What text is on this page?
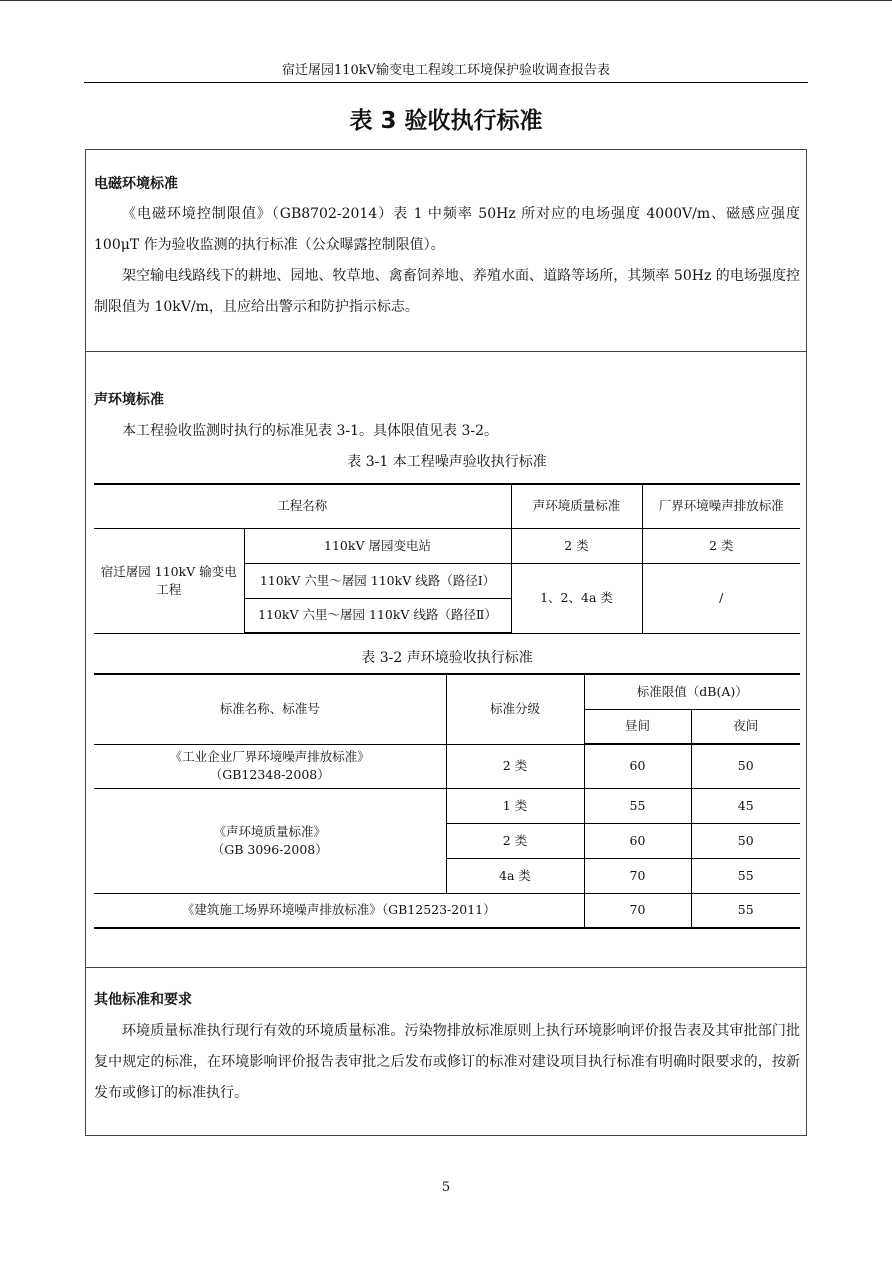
宿迁屠园110kV输变电工程竣工环境保护验收调查报告表
表 3 验收执行标准
电磁环境标准
《电磁环境控制限值》（GB8702-2014）表 1 中频率 50Hz 所对应的电场强度 4000V/m、磁感应强度 100μT 作为验收监测的执行标准（公众曝露控制限值）。
架空输电线路线下的耕地、园地、牧草地、禽畜饲养地、养殖水面、道路等场所，其频率 50Hz 的电场强度控制限值为 10kV/m，且应给出警示和防护指示标志。
声环境标准
本工程验收监测时执行的标准见表 3-1。具体限值见表 3-2。
表 3-1 本工程噪声验收执行标准
工程名称		声环境质量标准	厂界环境噪声排放标准
宿迁屠园 110kV 输变电工程	110kV 屠园变电站	2 类	2 类
	110kV 六里～屠园 110kV 线路（路径Ⅰ）	1、2、4a 类	/
	110kV 六里～屠园 110kV 线路（路径Ⅱ）		
表 3-2 声环境验收执行标准
标准名称、标准号	标准分级	标准限值（dB(A)）	
		昼间	夜间

《工业企业厂界环境噪声排放标准》
（GB12348-2008）	2 类	60	50

《声环境质量标准》
（GB 3096-2008）	1 类	55	45
	2 类	60	50
	4a 类	70	55
《建筑施工场界环境噪声排放标准》（GB12523-2011）		70	55
其他标准和要求
环境质量标准执行现行有效的环境质量标准。污染物排放标准原则上执行环境影响评价报告表及其审批部门批复中规定的标准，在环境影响评价报告表审批之后发布或修订的标准对建设项目执行标准有明确时限要求的，按新发布或修订的标准执行。
5
